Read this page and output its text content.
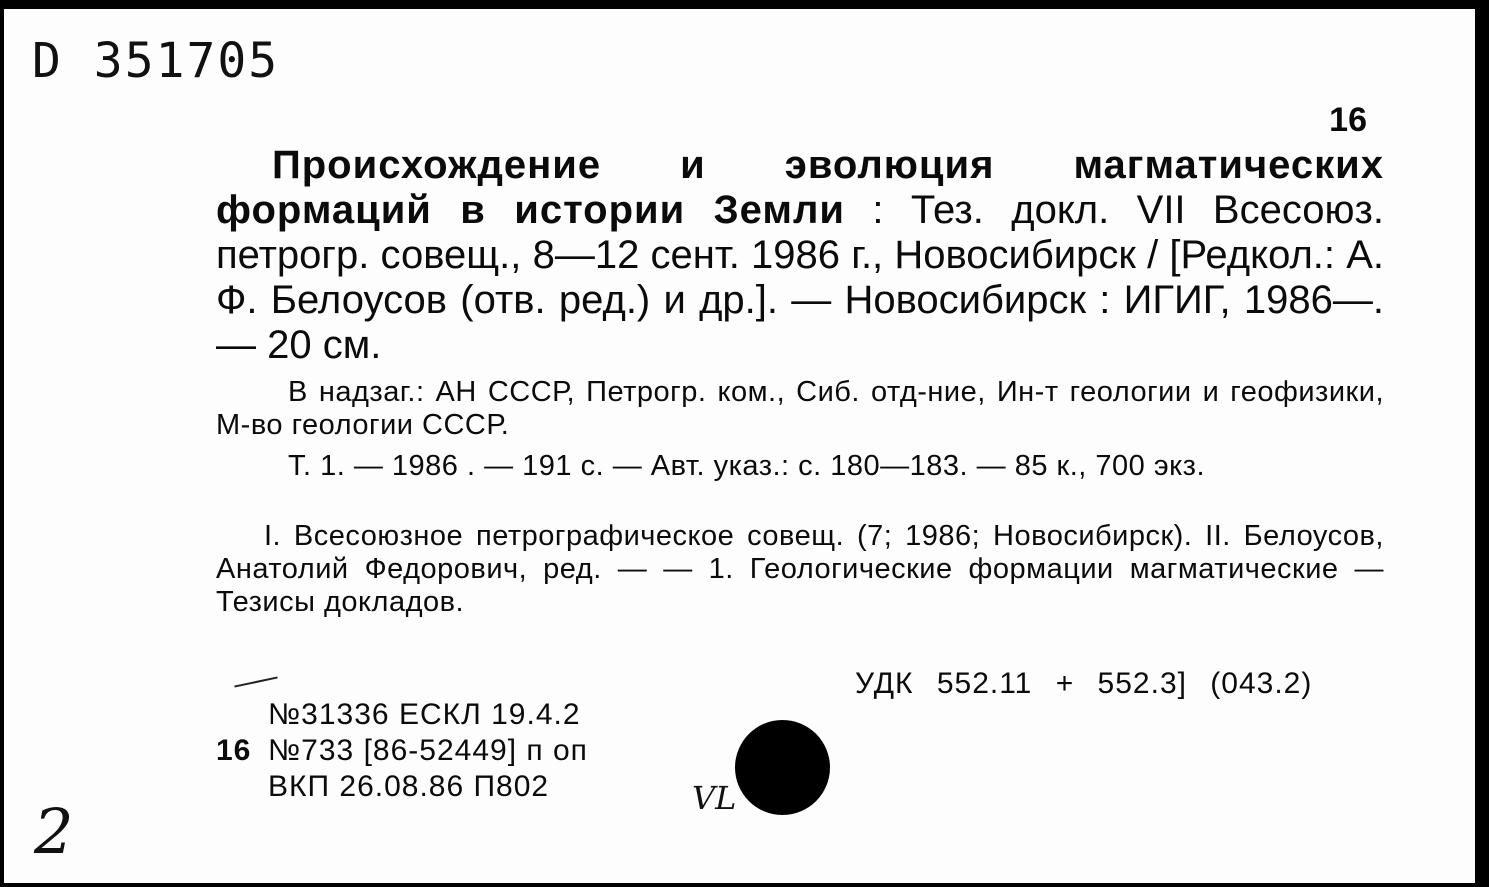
D 351705
16
Происхождение и эволюция магматических формаций в истории Земли : Тез. докл. VII Всесоюз. петрогр. совещ., 8—12 сент. 1986 г., Новосибирск / [Редкол.: А. Ф. Белоусов (отв. ред.) и др.]. — Новосибирск : ИГИГ, 1986—. — 20 см.
В надзаг.: АН СССР, Петрогр. ком., Сиб. отд-ние, Ин-т геологии и геофизики, М-во геологии СССР.
Т. 1. — 1986 . — 191 с. — Авт. указ.: с. 180—183. — 85 к., 700 экз.
I. Всесоюзное петрографическое совещ. (7; 1986; Новосибирск). II. Белоусов, Анатолий Федорович, ред. — — 1. Геологические формации магматические — Тезисы докладов.
УДК 552.11 + 552.3] (043.2)
№31336 ЕСКЛ 19.4.2
16 №733 [86-52449] п оп
ВКП 26.08.86 П802	VL
2
